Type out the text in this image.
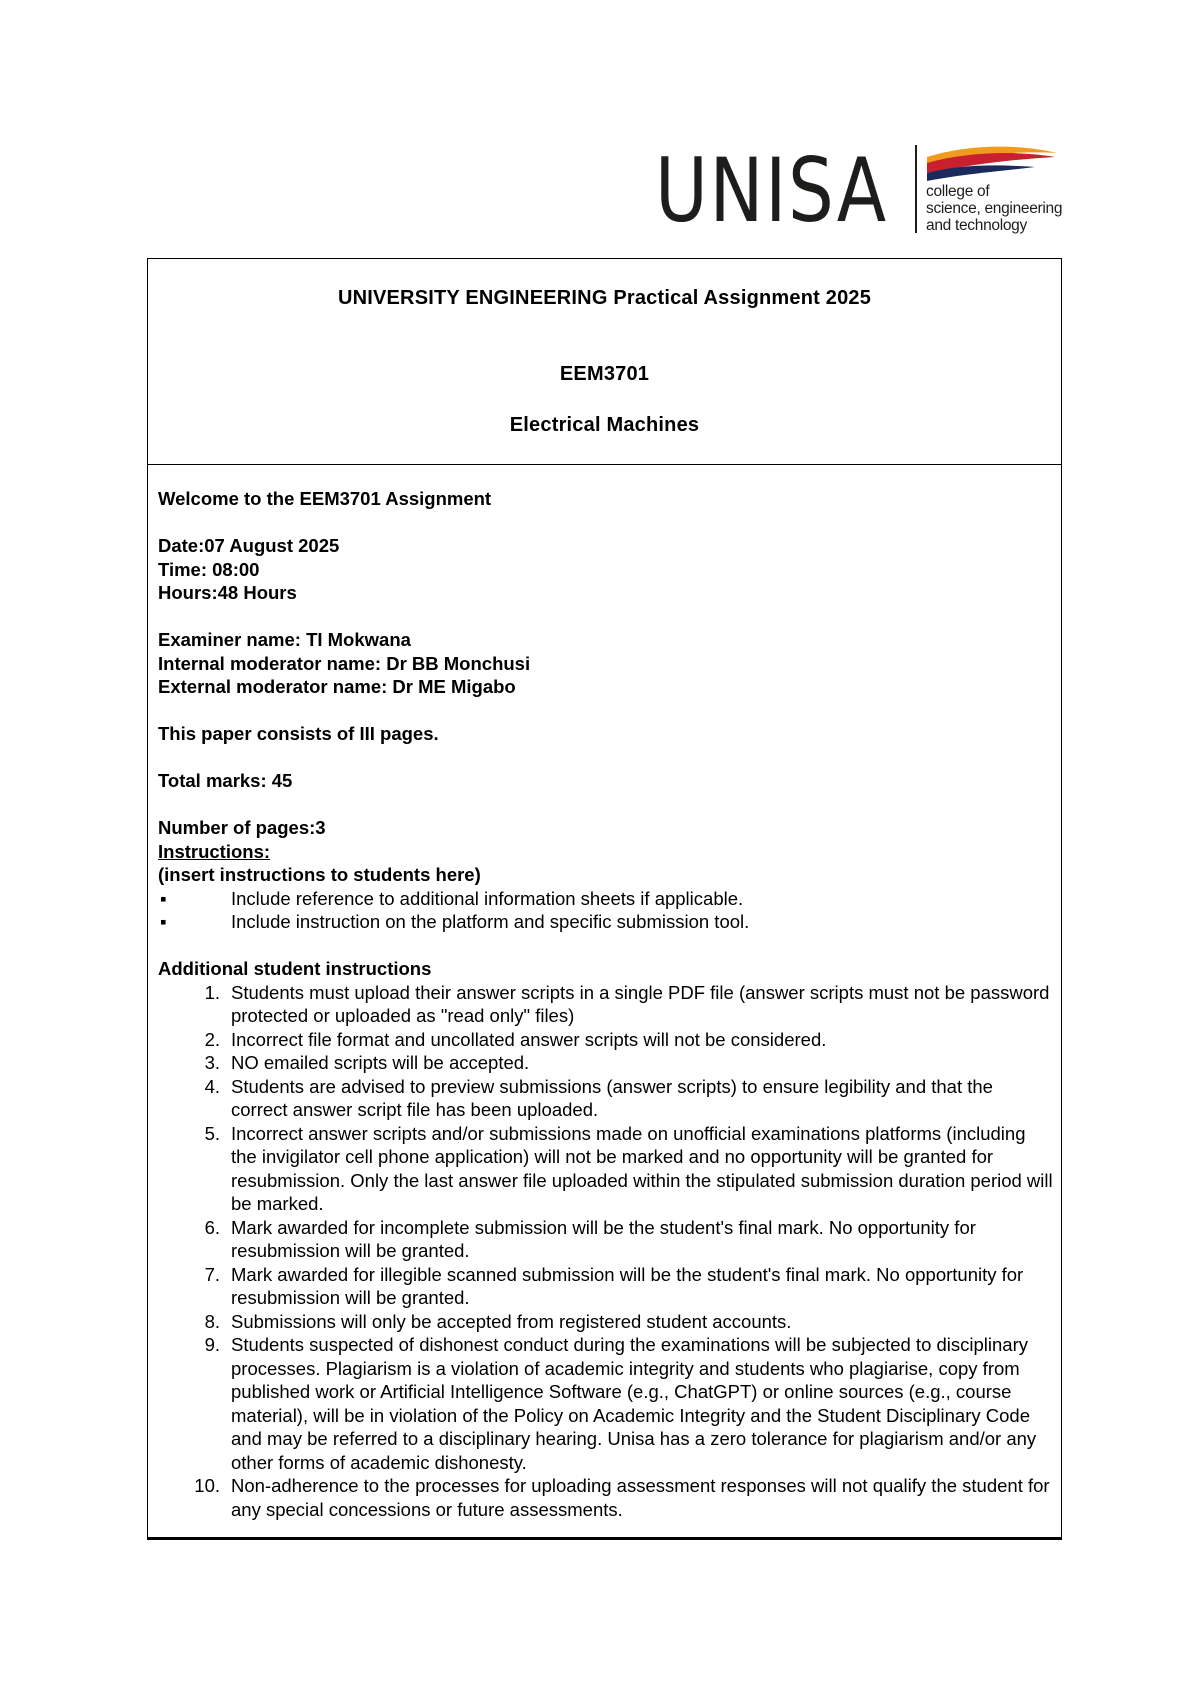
UNISA college of
science, engineering
and technology
UNIVERSITY ENGINEERING Practical Assignment 2025
EEM3701
Electrical Machines
Welcome to the EEM3701 Assignment
Date:07 August 2025
Time: 08:00
Hours:48 Hours
Examiner name: TI Mokwana
Internal moderator name: Dr BB Monchusi
External moderator name: Dr ME Migabo
This paper consists of III pages.
Total marks: 45
Number of pages:3
Instructions:
(insert instructions to students here)
▪	Include reference to additional information sheets if applicable.
▪	Include instruction on the platform and specific submission tool.
Additional student instructions
1. Students must upload their answer scripts in a single PDF file (answer scripts must not be password protected or uploaded as "read only" files)
2. Incorrect file format and uncollated answer scripts will not be considered.
3. NO emailed scripts will be accepted.
4. Students are advised to preview submissions (answer scripts) to ensure legibility and that the correct answer script file has been uploaded.
5. Incorrect answer scripts and/or submissions made on unofficial examinations platforms (including the invigilator cell phone application) will not be marked and no opportunity will be granted for resubmission. Only the last answer file uploaded within the stipulated submission duration period will be marked.
6. Mark awarded for incomplete submission will be the student's final mark. No opportunity for resubmission will be granted.
7. Mark awarded for illegible scanned submission will be the student's final mark. No opportunity for resubmission will be granted.
8. Submissions will only be accepted from registered student accounts.
9. Students suspected of dishonest conduct during the examinations will be subjected to disciplinary processes. Plagiarism is a violation of academic integrity and students who plagiarise, copy from published work or Artificial Intelligence Software (e.g., ChatGPT) or online sources (e.g., course material), will be in violation of the Policy on Academic Integrity and the Student Disciplinary Code and may be referred to a disciplinary hearing. Unisa has a zero tolerance for plagiarism and/or any other forms of academic dishonesty.
10. Non-adherence to the processes for uploading assessment responses will not qualify the student for any special concessions or future assessments.
